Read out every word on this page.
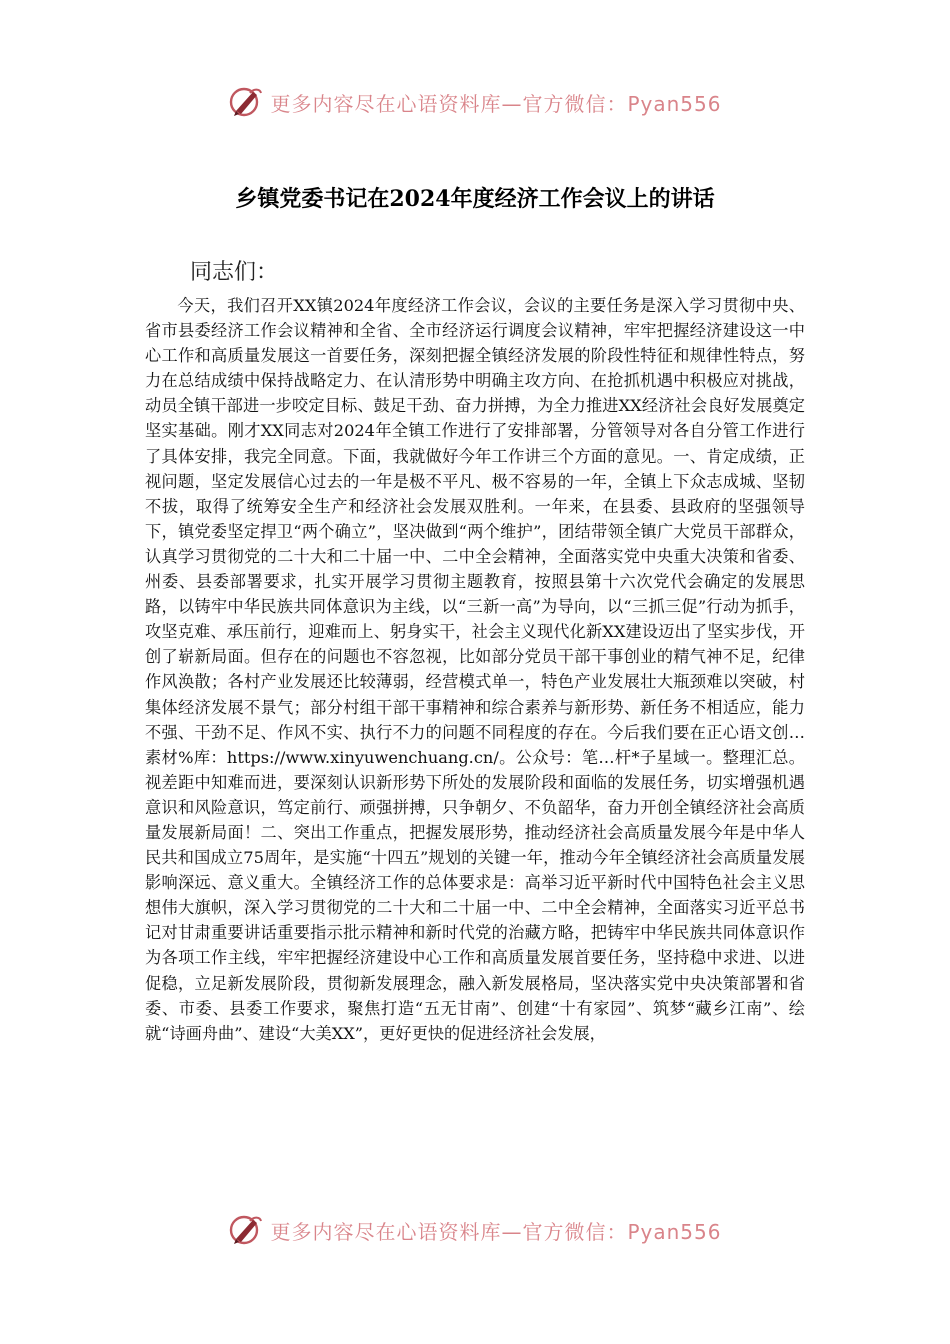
更多内容尽在心语资料库—官方微信：Pyan556
乡镇党委书记在2024年度经济工作会议上的讲话

同志们：

今天，我们召开XX镇2024年度经济工作会议，会议的主要任务是深入学习贯彻中央、省市县委经济工作会议精神和全省、全市经济运行调度会议精神，牢牢把握经济建设这一中心工作和高质量发展这一首要任务，深刻把握全镇经济发展的阶段性特征和规律性特点，努力在总结成绩中保持战略定力、在认清形势中明确主攻方向、在抢抓机遇中积极应对挑战，动员全镇干部进一步咬定目标、鼓足干劲、奋力拼搏，为全力推进XX经济社会良好发展奠定坚实基础。刚才XX同志对2024年全镇工作进行了安排部署，分管领导对各自分管工作进行了具体安排，我完全同意。下面，我就做好今年工作讲三个方面的意见。一、肯定成绩，正视问题，坚定发展信心过去的一年是极不平凡、极不容易的一年，全镇上下众志成城、坚韧不拔，取得了统筹安全生产和经济社会发展双胜利。一年来，在县委、县政府的坚强领导下，镇党委坚定捍卫“两个确立”，坚决做到“两个维护”，团结带领全镇广大党员干部群众，认真学习贯彻党的二十大和二十届一中、二中全会精神，全面落实党中央重大决策和省委、州委、县委部署要求，扎实开展学习贯彻主题教育，按照县第十六次党代会确定的发展思路，以铸牢中华民族共同体意识为主线，以“三新一高”为导向，以“三抓三促”行动为抓手，攻坚克难、承压前行，迎难而上、躬身实干，社会主义现代化新XX建设迈出了坚实步伐，开创了崭新局面。但存在的问题也不容忽视，比如部分党员干部干事创业的精气神不足，纪律作风涣散；各村产业发展还比较薄弱，经营模式单一，特色产业发展壮大瓶颈难以突破，村集体经济发展不景气；部分村组干部干事精神和综合素养与新形势、新任务不相适应，能力不强、干劲不足、作风不实、执行不力的问题不同程度的存在。今后我们要在正心语文创…素材%库：https://www.xinyuwenchuang.cn/。公众号：笔…杆*子星域一。整理汇总。视差距中知难而进，要深刻认识新形势下所处的发展阶段和面临的发展任务，切实增强机遇意识和风险意识，笃定前行、顽强拼搏，只争朝夕、不负韶华，奋力开创全镇经济社会高质量发展新局面！二、突出工作重点，把握发展形势，推动经济社会高质量发展今年是中华人民共和国成立75周年，是实施“十四五”规划的关键一年，推动今年全镇经济社会高质量发展影响深远、意义重大。全镇经济工作的总体要求是：高举习近平新时代中国特色社会主义思想伟大旗帜，深入学习贯彻党的二十大和二十届一中、二中全会精神，全面落实习近平总书记对甘肃重要讲话重要指示批示精神和新时代党的治藏方略，把铸牢中华民族共同体意识作为各项工作主线，牢牢把握经济建设中心工作和高质量发展首要任务，坚持稳中求进、以进促稳，立足新发展阶段，贯彻新发展理念，融入新发展格局，坚决落实党中央决策部署和省委、市委、县委工作要求，聚焦打造“五无甘南”、创建“十有家园”、筑梦“藏乡江南”、绘就“诗画舟曲”、建设“大美XX”，更好更快的促进经济社会发展，

更多内容尽在心语资料库—官方微信：Pyan556
